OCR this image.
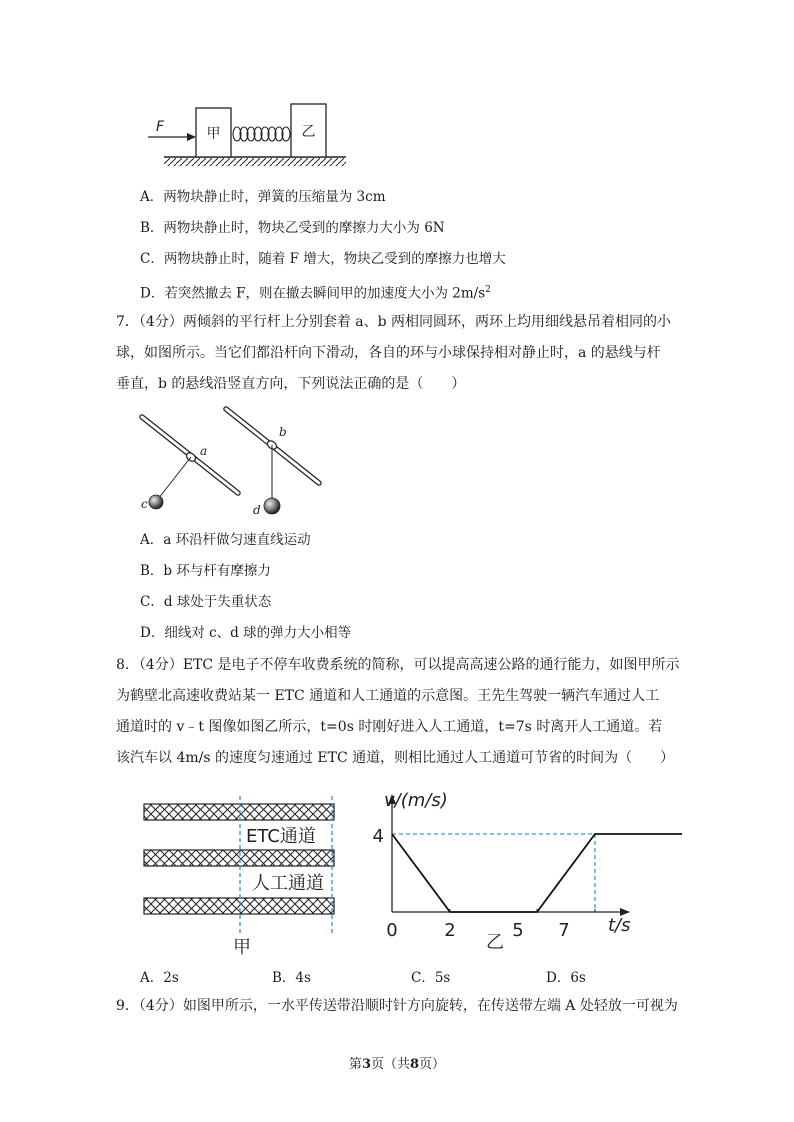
F	甲	乙
A．两物块静止时，弹簧的压缩量为 3cm
B．两物块静止时，物块乙受到的摩擦力大小为 6N
C．两物块静止时，随着 F 增大，物块乙受到的摩擦力也增大
D．若突然撤去 F，则在撤去瞬间甲的加速度大小为 $2m/s^2$
7．（4分）两倾斜的平行杆上分别套着 a、b 两相同圆环，两环上均用细线悬吊着相同的小
球，如图所示。当它们都沿杆向下滑动，各自的环与小球保持相对静止时，a 的悬线与杆
垂直，b 的悬线沿竖直方向，下列说法正确的是（　　）
a
c
b
d
A．a 环沿杆做匀速直线运动
B．b 环与杆有摩擦力
C．d 球处于失重状态
D．细线对 c、d 球的弹力大小相等
8．（4分）ETC 是电子不停车收费系统的简称，可以提高高速公路的通行能力，如图甲所示
为鹤壁北高速收费站某一 ETC 通道和人工通道的示意图。王先生驾驶一辆汽车通过人工
通道时的 v﹣t 图像如图乙所示，t=0s 时刚好进入人工通道，t=7s 时离开人工通道。若
该汽车以 4m/s 的速度匀速通过 ETC 通道，则相比通过人工通道可节省的时间为（　　）
ETC通道
人工通道
甲
v/(m/s)
t/s
0	2	5 7
4
乙
A．2s	B．4s	C．5s	D．6s
9．（4分）如图甲所示，一水平传送带沿顺时针方向旋转，在传送带左端 A 处轻放一可视为
第3页（共8页）
